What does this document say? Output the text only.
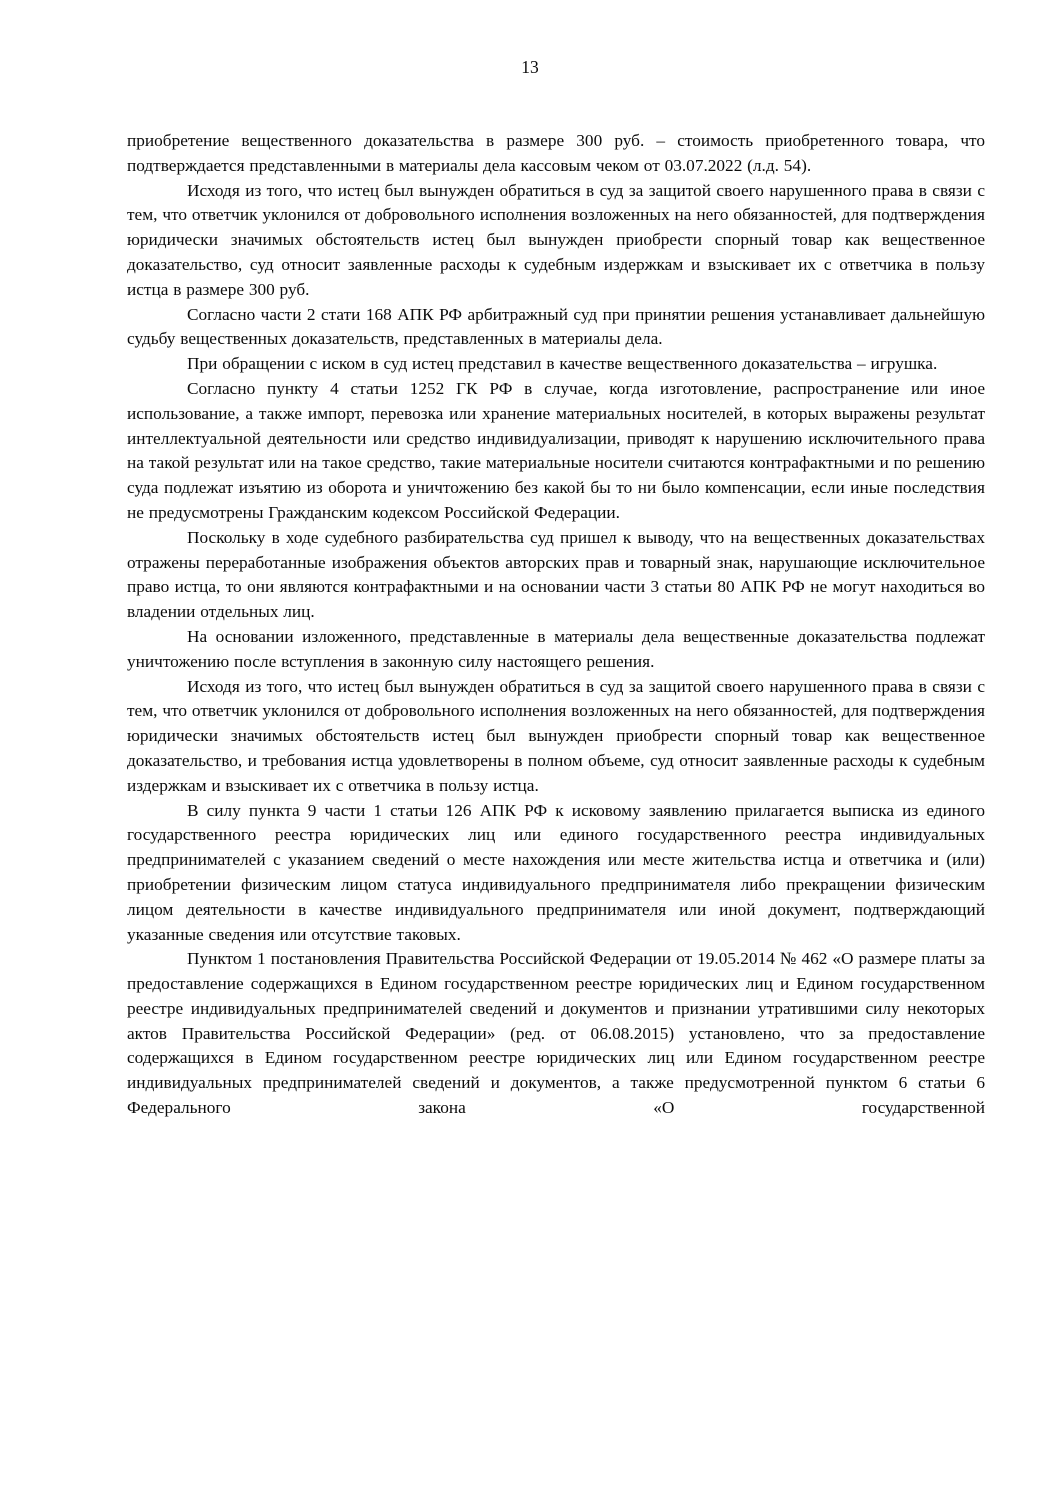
13

приобретение вещественного доказательства в размере 300 руб. – стоимость приобретенного товара, что подтверждается представленными в материалы дела кассовым чеком от 03.07.2022 (л.д. 54).

Исходя из того, что истец был вынужден обратиться в суд за защитой своего нарушенного права в связи с тем, что ответчик уклонился от добровольного исполнения возложенных на него обязанностей, для подтверждения юридически значимых обстоятельств истец был вынужден приобрести спорный товар как вещественное доказательство, суд относит заявленные расходы к судебным издержкам и взыскивает их с ответчика в пользу истца в размере 300 руб.

Согласно части 2 стати 168 АПК РФ арбитражный суд при принятии решения устанавливает дальнейшую судьбу вещественных доказательств, представленных в материалы дела.

При обращении с иском в суд истец представил в качестве вещественного доказательства – игрушка.

Согласно пункту 4 статьи 1252 ГК РФ в случае, когда изготовление, распространение или иное использование, а также импорт, перевозка или хранение материальных носителей, в которых выражены результат интеллектуальной деятельности или средство индивидуализации, приводят к нарушению исключительного права на такой результат или на такое средство, такие материальные носители считаются контрафактными и по решению суда подлежат изъятию из оборота и уничтожению без какой бы то ни было компенсации, если иные последствия не предусмотрены Гражданским кодексом Российской Федерации.

Поскольку в ходе судебного разбирательства суд пришел к выводу, что на вещественных доказательствах отражены переработанные изображения объектов авторских прав и товарный знак, нарушающие исключительное право истца, то они являются контрафактными и на основании части 3 статьи 80 АПК РФ не могут находиться во владении отдельных лиц.

На основании изложенного, представленные в материалы дела вещественные доказательства подлежат уничтожению после вступления в законную силу настоящего решения.

Исходя из того, что истец был вынужден обратиться в суд за защитой своего нарушенного права в связи с тем, что ответчик уклонился от добровольного исполнения возложенных на него обязанностей, для подтверждения юридически значимых обстоятельств истец был вынужден приобрести спорный товар как вещественное доказательство, и требования истца удовлетворены в полном объеме, суд относит заявленные расходы к судебным издержкам и взыскивает их с ответчика в пользу истца.

В силу пункта 9 части 1 статьи 126 АПК РФ к исковому заявлению прилагается выписка из единого государственного реестра юридических лиц или единого государственного реестра индивидуальных предпринимателей с указанием сведений о месте нахождения или месте жительства истца и ответчика и (или) приобретении физическим лицом статуса индивидуального предпринимателя либо прекращении физическим лицом деятельности в качестве индивидуального предпринимателя или иной документ, подтверждающий указанные сведения или отсутствие таковых.

Пунктом 1 постановления Правительства Российской Федерации от 19.05.2014 № 462 «О размере платы за предоставление содержащихся в Едином государственном реестре юридических лиц и Едином государственном реестре индивидуальных предпринимателей сведений и документов и признании утратившими силу некоторых актов Правительства Российской Федерации» (ред. от 06.08.2015) установлено, что за предоставление содержащихся в Едином государственном реестре юридических лиц или Едином государственном реестре индивидуальных предпринимателей сведений и документов, а также предусмотренной пунктом 6 статьи 6 Федерального закона «О государственной
